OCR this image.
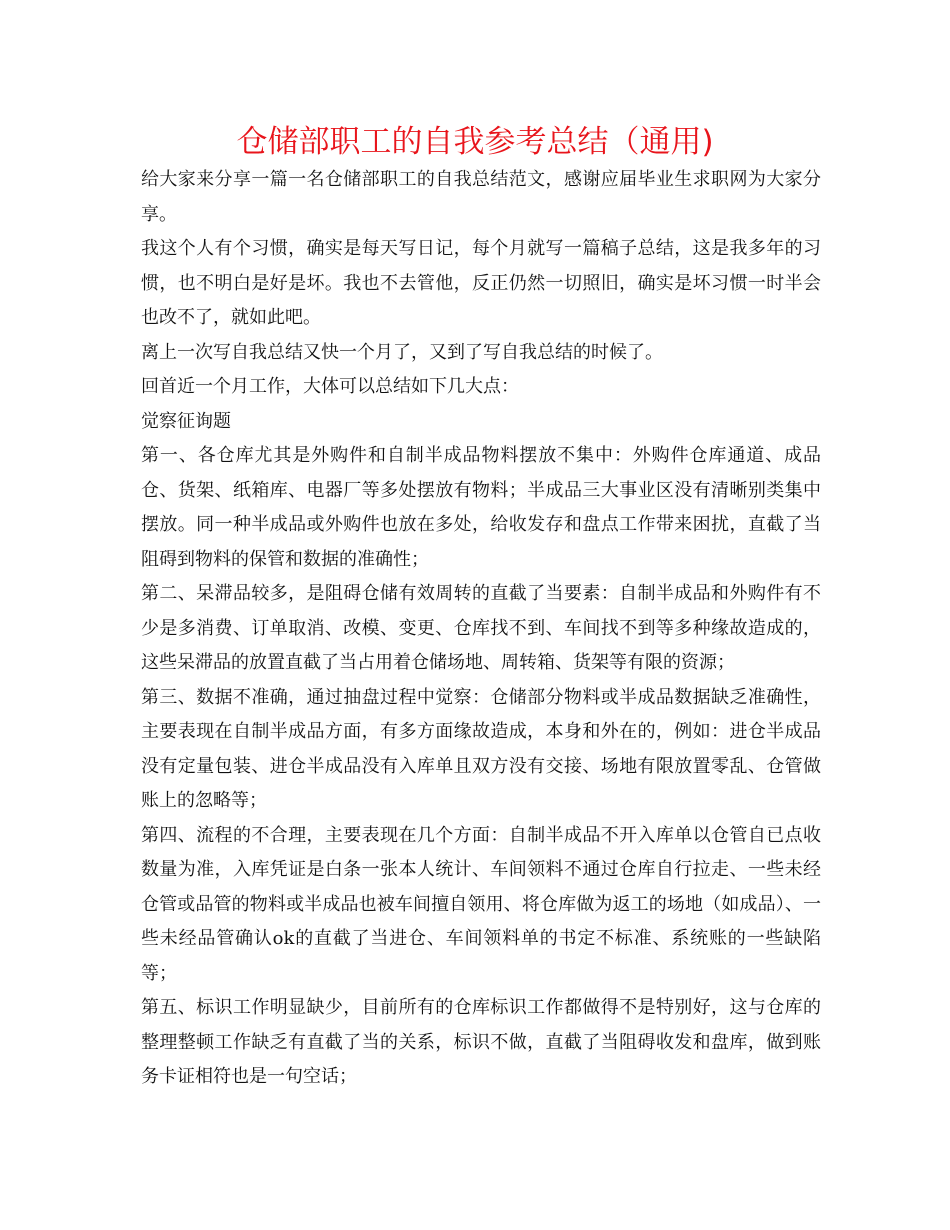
仓储部职工的自我参考总结（通用)

给大家来分享一篇一名仓储部职工的自我总结范文，感谢应届毕业生求职网为大家分享。

我这个人有个习惯，确实是每天写日记，每个月就写一篇稿子总结，这是我多年的习惯，也不明白是好是坏。我也不去管他，反正仍然一切照旧，确实是坏习惯一时半会也改不了，就如此吧。

离上一次写自我总结又快一个月了，又到了写自我总结的时候了。

回首近一个月工作，大体可以总结如下几大点：

觉察征询题

第一、各仓库尤其是外购件和自制半成品物料摆放不集中：外购件仓库通道、成品仓、货架、纸箱库、电器厂等多处摆放有物料；半成品三大事业区没有清晰别类集中摆放。同一种半成品或外购件也放在多处，给收发存和盘点工作带来困扰，直截了当阻碍到物料的保管和数据的准确性；

第二、呆滞品较多，是阻碍仓储有效周转的直截了当要素：自制半成品和外购件有不少是多消费、订单取消、改模、变更、仓库找不到、车间找不到等多种缘故造成的，这些呆滞品的放置直截了当占用着仓储场地、周转箱、货架等有限的资源；

第三、数据不准确，通过抽盘过程中觉察：仓储部分物料或半成品数据缺乏准确性，主要表现在自制半成品方面，有多方面缘故造成，本身和外在的，例如：进仓半成品没有定量包装、进仓半成品没有入库单且双方没有交接、场地有限放置零乱、仓管做账上的忽略等；

第四、流程的不合理，主要表现在几个方面：自制半成品不开入库单以仓管自已点收数量为准，入库凭证是白条一张本人统计、车间领料不通过仓库自行拉走、一些未经仓管或品管的物料或半成品也被车间擅自领用、将仓库做为返工的场地（如成品）、一些未经品管确认ok的直截了当进仓、车间领料单的书定不标准、系统账的一些缺陷等；

第五、标识工作明显缺少，目前所有的仓库标识工作都做得不是特别好，这与仓库的整理整顿工作缺乏有直截了当的关系，标识不做，直截了当阻碍收发和盘库，做到账务卡证相符也是一句空话；
